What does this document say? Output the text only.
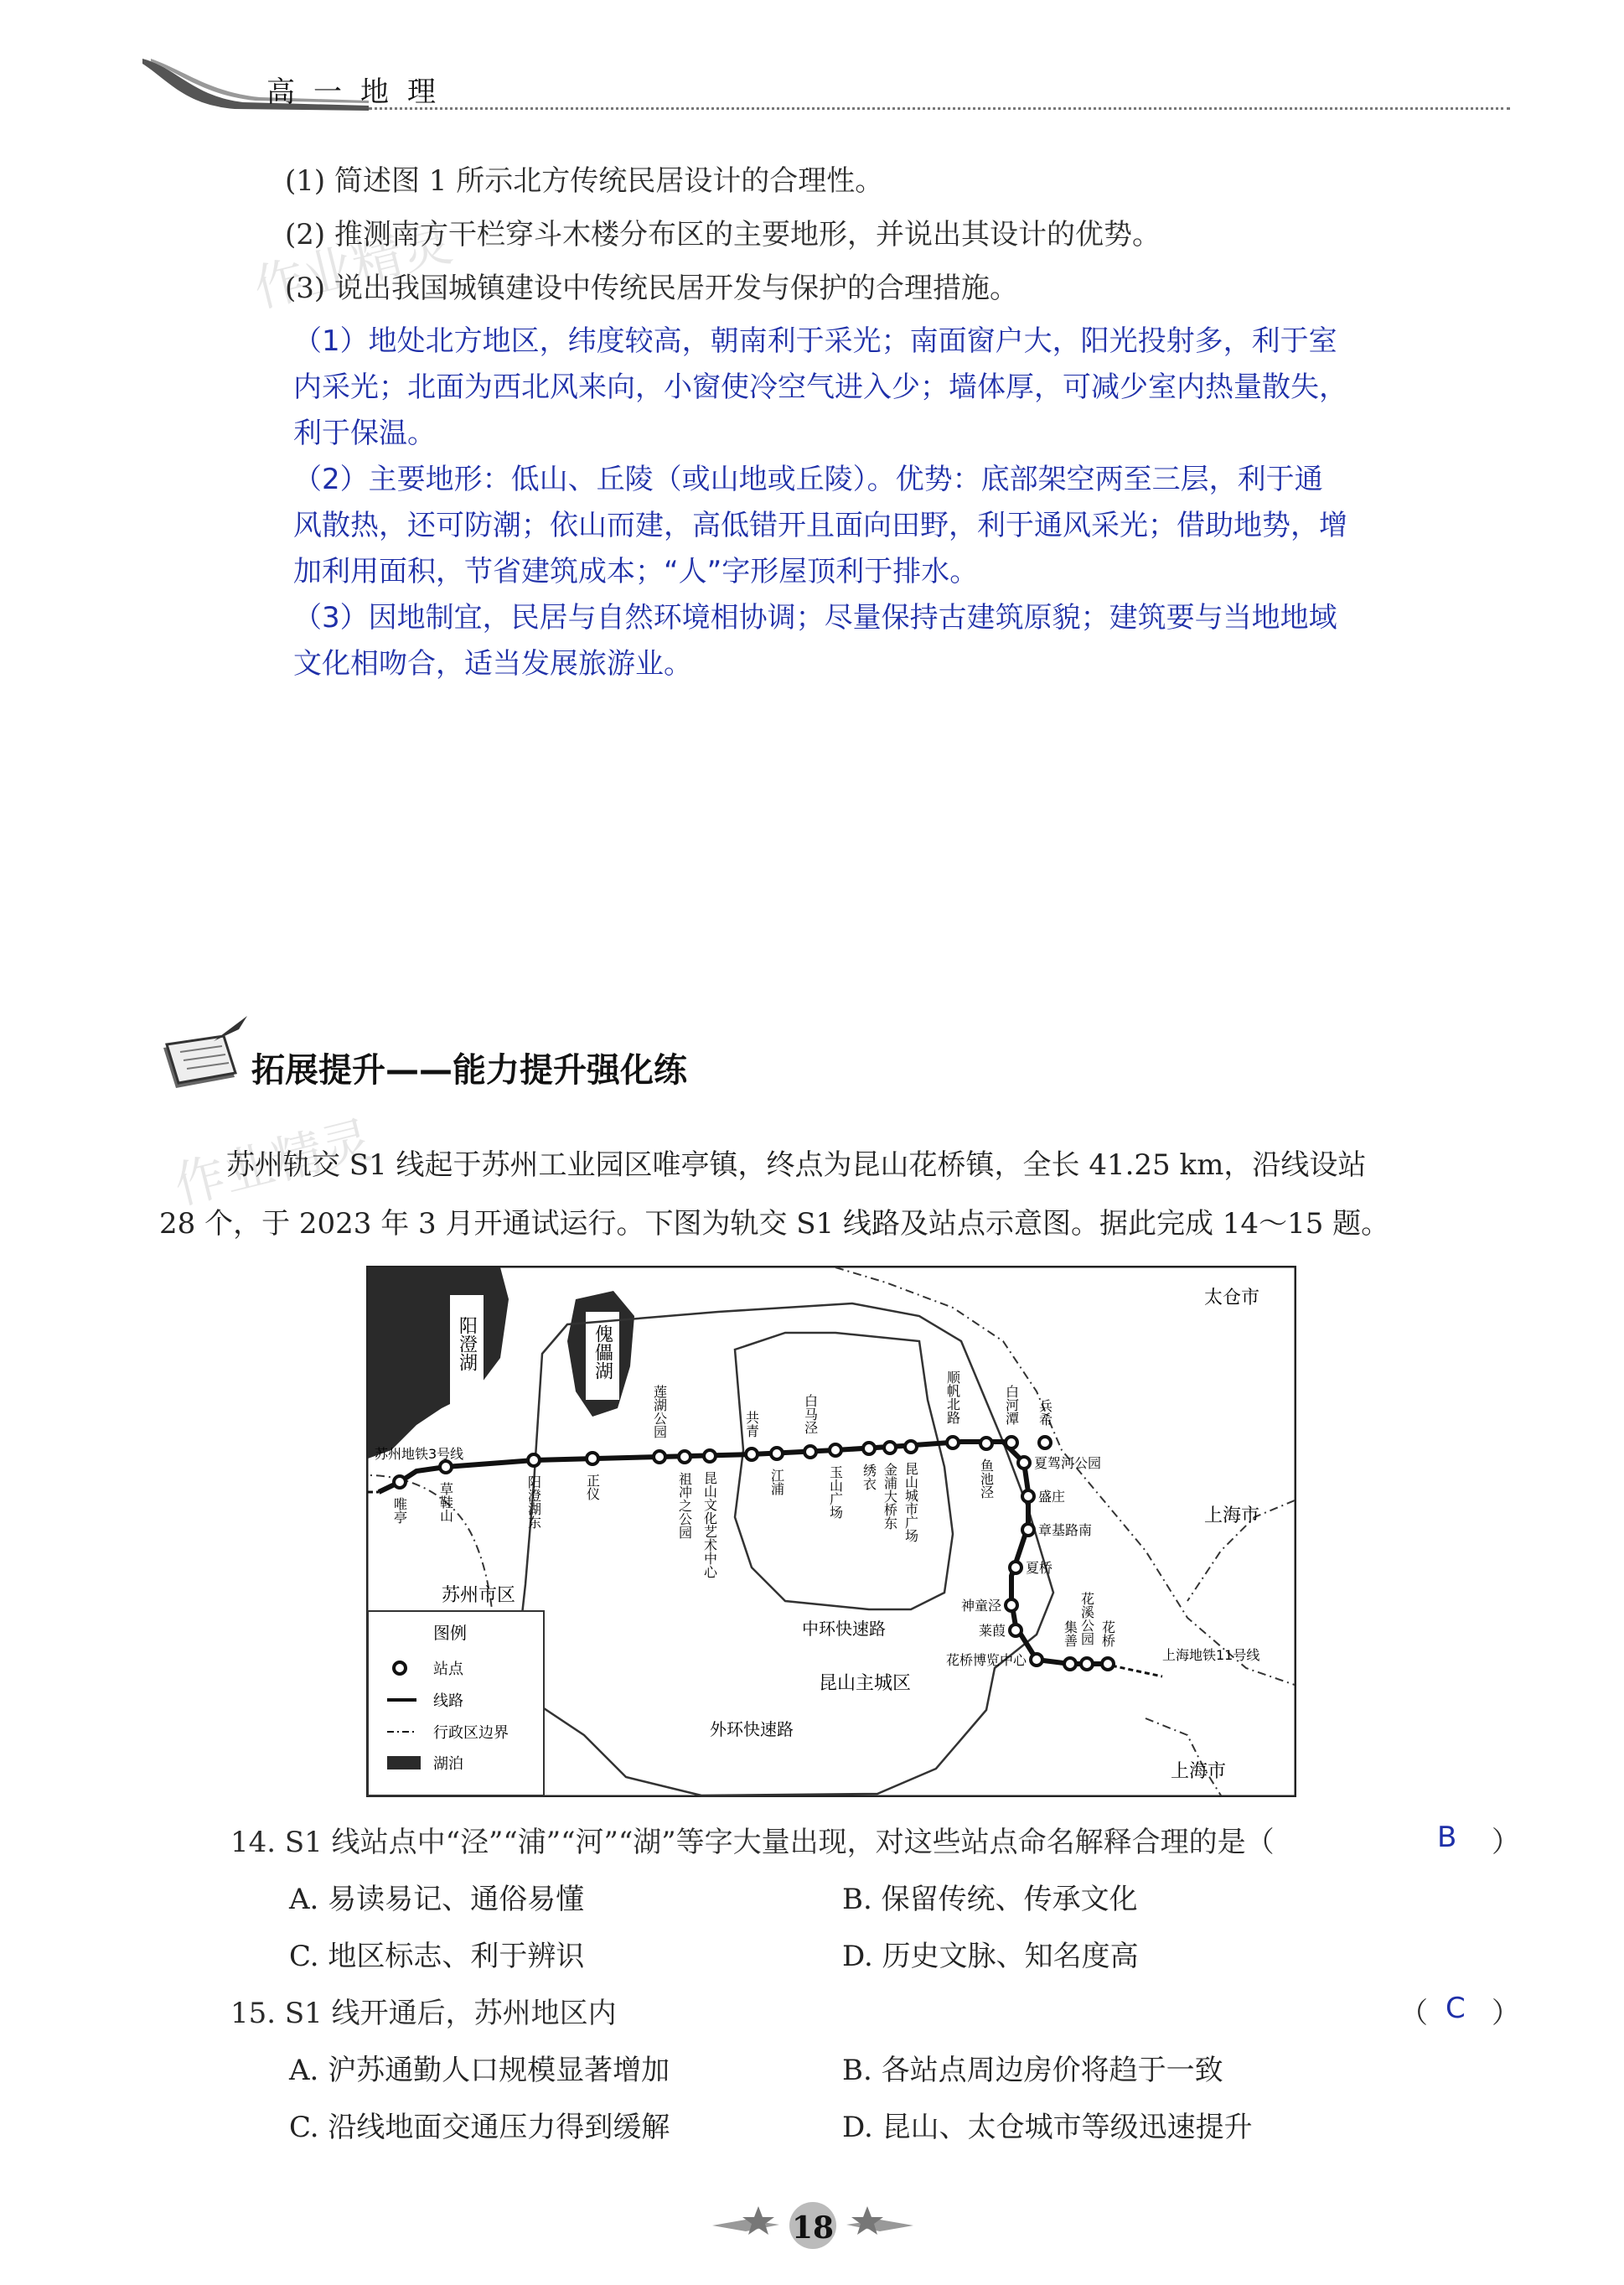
高一地理
作业精灵
作业精灵
(1) 简述图 1 所示北方传统民居设计的合理性。
(2) 推测南方干栏穿斗木楼分布区的主要地形，并说出其设计的优势。
(3) 说出我国城镇建设中传统民居开发与保护的合理措施。

（1）地处北方地区，纬度较高，朝南利于采光；南面窗户大，阳光投射多，利于室

内采光；北面为西北风来向，小窗使冷空气进入少；墙体厚，可减少室内热量散失，

利于保温。

（2）主要地形：低山、丘陵（或山地或丘陵）。优势：底部架空两至三层，利于通

风散热，还可防潮；依山而建，高低错开且面向田野，利于通风采光；借助地势，增

加利用面积，节省建筑成本；“人”字形屋顶利于排水。

（3）因地制宜，民居与自然环境相协调；尽量保持古建筑原貌；建筑要与当地地域

文化相吻合，适当发展旅游业。

拓展提升——能力提升强化练

苏州轨交 S1 线起于苏州工业园区唯亭镇，终点为昆山花桥镇，全长 41.25 km，沿线设站

28 个，于 2023 年 3 月开通试运行。下图为轨交 S1 线路及站点示意图。据此完成 14～15 题。

唯亭 草鞋山	阳澄湖东	正仪
莲湖公园
祖冲之公园 昆山文化艺术中心
共青
江浦
白马泾
玉山广场 绣衣 金浦大桥东 昆山城市广场
顺帆北路
鱼池泾
白河潭 兵希
夏驾河公园
盛庄
章基路南
夏桥
神童泾
莱葭
花桥博览中心
集善 花溪公园 花桥
阳澄湖	傀儡湖
太仓市
上海市
苏州市区
昆山主城区
上海市
中环快速路
外环快速路
苏州地铁3号线
上海地铁11号线
图例
站点
线路
行政区边界
湖泊
14. S1 线站点中“泾”“浦”“河”“湖”等字大量出现，对这些站点命名解释合理的是（	B ）
A. 易读易记、通俗易懂	B. 保留传统、传承文化
C. 地区标志、利于辨识	D. 历史文脉、知名度高
15. S1 线开通后，苏州地区内	（ C ）
A. 沪苏通勤人口规模显著增加	B. 各站点周边房价将趋于一致
C. 沿线地面交通压力得到缓解	D. 昆山、太仓城市等级迅速提升
18
